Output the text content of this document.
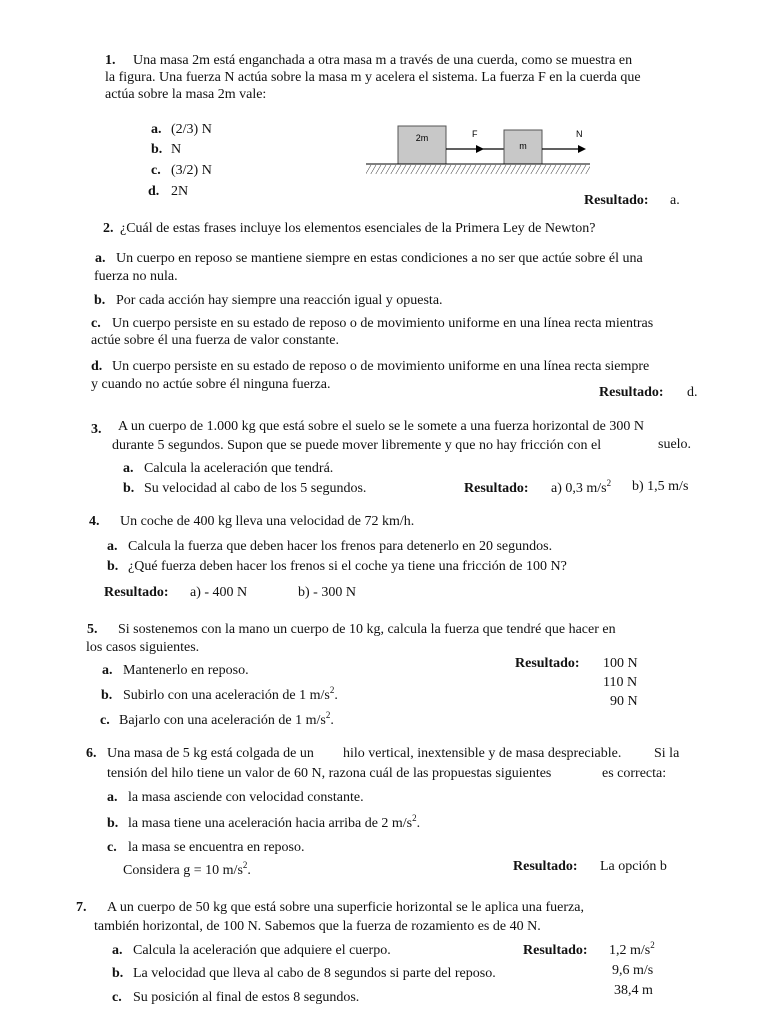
1. Una masa 2m está enganchada a otra masa m a través de una cuerda, como se muestra en
la figura. Una fuerza N actúa sobre la masa m y acelera el sistema. La fuerza F en la cuerda que
actúa sobre la masa 2m vale:
a. (2/3) N
b. N
c. (3/2) N
d. 2N
2m	F
m
N
Resultado: a.
2. ¿Cuál de estas frases incluye los elementos esenciales de la Primera Ley de Newton?
a. Un cuerpo en reposo se mantiene siempre en estas condiciones a no ser que actúe sobre él una
fuerza no nula.
b. Por cada acción hay siempre una reacción igual y opuesta.
c. Un cuerpo persiste en su estado de reposo o de movimiento uniforme en una línea recta mientras
actúe sobre él una fuerza de valor constante.
d. Un cuerpo persiste en su estado de reposo o de movimiento uniforme en una línea recta siempre
y cuando no actúe sobre él ninguna fuerza.
Resultado: d.
3. A un cuerpo de 1.000 kg que está sobre el suelo se le somete a una fuerza horizontal de 300 N
durante 5 segundos. Supon que se puede mover libremente y que no hay fricción con el	suelo.
a. Calcula la aceleración que tendrá.
b. Su velocidad al cabo de los 5 segundos.	Resultado: a) 0,3 $m/s^2$ b) 1,5 m/s
4. Un coche de 400 kg lleva una velocidad de 72 km/h.
a. Calcula la fuerza que deben hacer los frenos para detenerlo en 20 segundos.
b. ¿Qué fuerza deben hacer los frenos si el coche ya tiene una fricción de 100 N?
Resultado: a) - 400 N	b) - 300 N
5. Si sostenemos con la mano un cuerpo de 10 kg, calcula la fuerza que tendré que hacer en
los casos siguientes.
a. Mantenerlo en reposo.
b. Subirlo con una aceleración de 1 $m/s^2$.
c. Bajarlo con una aceleración de 1 $m/s^2$.
Resultado: 100 N
110 N
90 N
6. Una masa de 5 kg está colgada de un hilo vertical, inextensible y de masa despreciable. Si la
tensión del hilo tiene un valor de 60 N, razona cuál de las propuestas siguientes	es correcta:
a. la masa asciende con velocidad constante.
b. la masa tiene una aceleración hacia arriba de 2 $m/s^2$.
c. la masa se encuentra en reposo.
Considera g = 10 $m/s^2$.	Resultado: La opción b
7. A un cuerpo de 50 kg que está sobre una superficie horizontal se le aplica una fuerza,
también horizontal, de 100 N. Sabemos que la fuerza de rozamiento es de 40 N.
a. Calcula la aceleración que adquiere el cuerpo.
b. La velocidad que lleva al cabo de 8 segundos si parte del reposo.
c. Su posición al final de estos 8 segundos.
Resultado: 1,2 $m/s^2$
9,6 m/s
38,4 m
